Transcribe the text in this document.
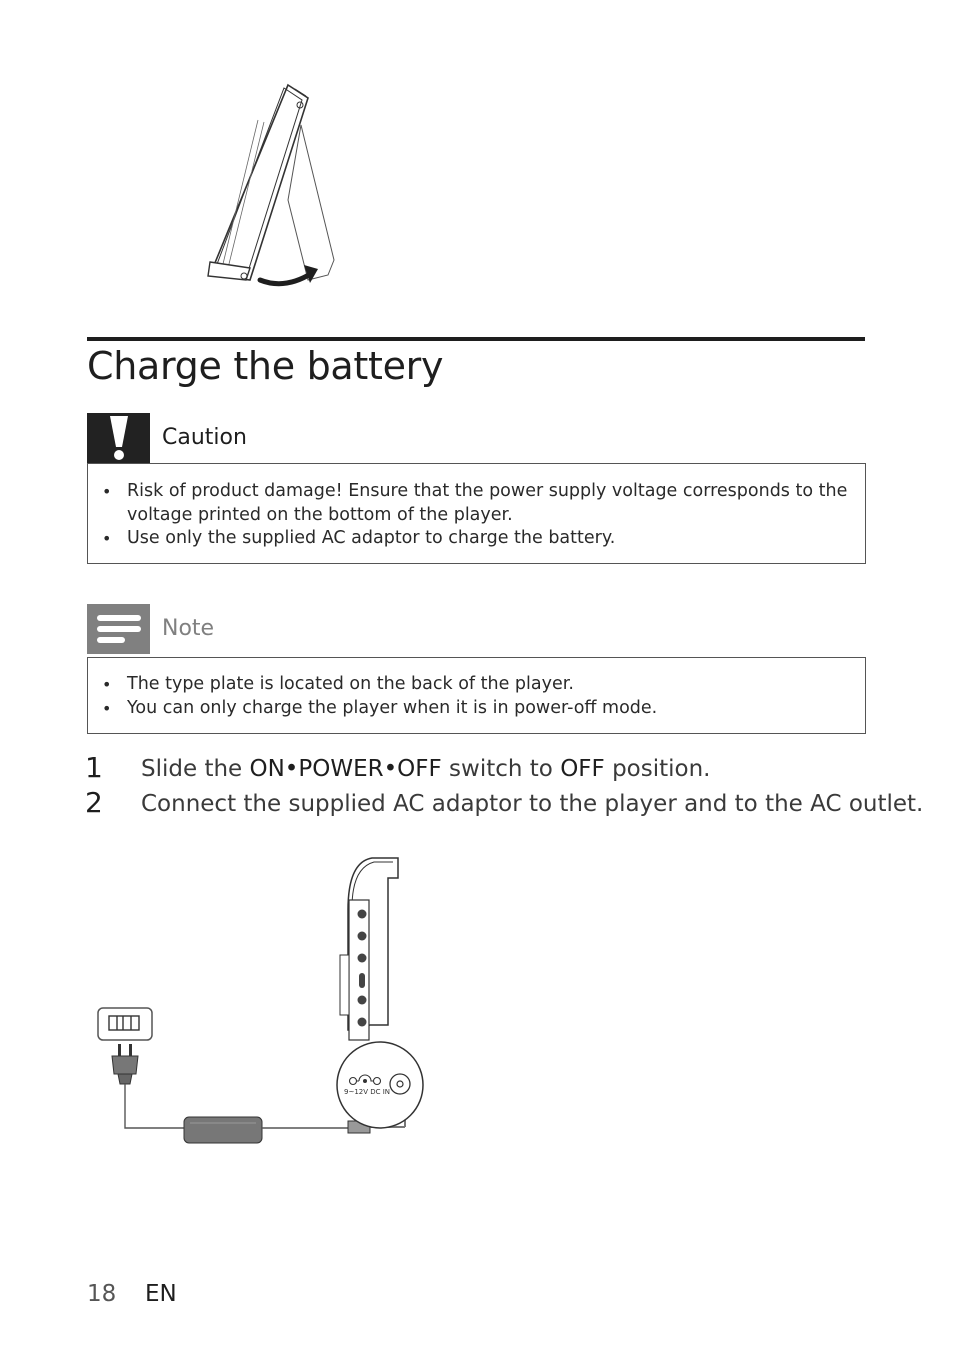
Charge the battery
Caution
• Risk of product damage! Ensure that the power supply voltage corresponds to the
voltage printed on the bottom of the player.
• Use only the supplied AC adaptor to charge the battery.
Note
• The type plate is located on the back of the player.
• You can only charge the player when it is in power-off mode.
1 Slide the ON•POWER•OFF switch to OFF position.
2 Connect the supplied AC adaptor to the player and to the AC outlet.
9~12V DC IN
18 EN
